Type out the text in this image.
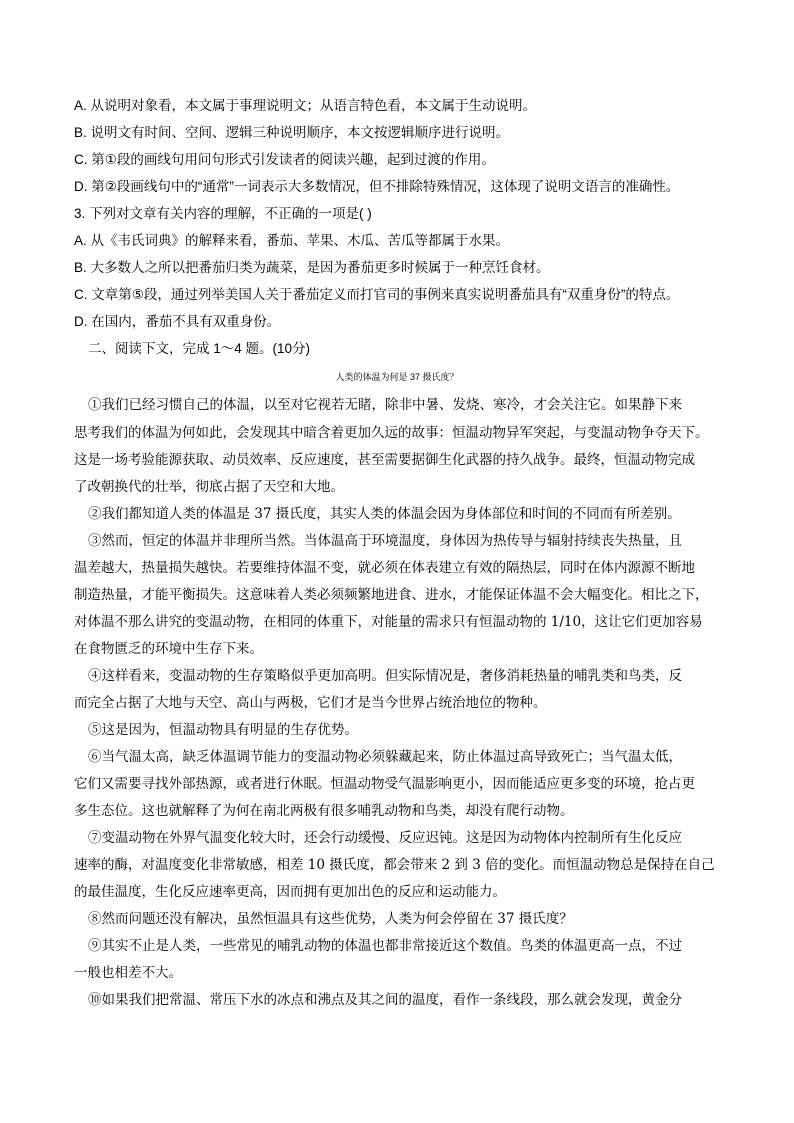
A. 从说明对象看，本文属于事理说明文；从语言特色看，本文属于生动说明。
B. 说明文有时间、空间、逻辑三种说明顺序，本文按逻辑顺序进行说明。
C. 第①段的画线句用问句形式引发读者的阅读兴趣，起到过渡的作用。
D. 第②段画线句中的“通常”一词表示大多数情况，但不排除特殊情况，这体现了说明文语言的准确性。
3. 下列对文章有关内容的理解，不正确的一项是( )
A. 从《韦氏词典》的解释来看，番茄、苹果、木瓜、苦瓜等都属于水果。
B. 大多数人之所以把番茄归类为蔬菜，是因为番茄更多时候属于一种烹饪食材。
C. 文章第⑤段，通过列举美国人关于番茄定义而打官司的事例来真实说明番茄具有“双重身份”的特点。
D. 在国内，番茄不具有双重身份。
二、阅读下文，完成 1～4 题。(10分)
人类的体温为何是 37 摄氏度？
①我们已经习惯自己的体温，以至对它视若无睹，除非中暑、发烧、寒冷，才会关注它。如果静下来
思考我们的体温为何如此，会发现其中暗含着更加久远的故事：恒温动物异军突起，与变温动物争夺天下。
这是一场考验能源获取、动员效率、反应速度，甚至需要据御生化武器的持久战争。最终，恒温动物完成
了改朝换代的壮举，彻底占据了天空和大地。
②我们都知道人类的体温是 37 摄氏度，其实人类的体温会因为身体部位和时间的不同而有所差别。
③然而，恒定的体温并非理所当然。当体温高于环境温度，身体因为热传导与辐射持续丧失热量，且
温差越大，热量损失越快。若要维持体温不变，就必须在体表建立有效的隔热层，同时在体内源源不断地
制造热量，才能平衡损失。这意味着人类必须频繁地进食、进水，才能保证体温不会大幅变化。相比之下，
对体温不那么讲究的变温动物，在相同的体重下，对能量的需求只有恒温动物的 1/10，这让它们更加容易
在食物匮乏的环境中生存下来。
④这样看来，变温动物的生存策略似乎更加高明。但实际情况是，奢侈消耗热量的哺乳类和鸟类，反
而完全占据了大地与天空、高山与两极，它们才是当今世界占统治地位的物种。
⑤这是因为，恒温动物具有明显的生存优势。
⑥当气温太高，缺乏体温调节能力的变温动物必须躲藏起来，防止体温过高导致死亡；当气温太低，
它们又需要寻找外部热源，或者进行休眠。恒温动物受气温影响更小，因而能适应更多变的环境，抢占更
多生态位。这也就解释了为何在南北两极有很多哺乳动物和鸟类，却没有爬行动物。
⑦变温动物在外界气温变化较大时，还会行动缓慢、反应迟钝。这是因为动物体内控制所有生化反应
速率的酶，对温度变化非常敏感，相差 10 摄氏度，都会带来 2 到 3 倍的变化。而恒温动物总是保持在自己
的最佳温度，生化反应速率更高，因而拥有更加出色的反应和运动能力。
⑧然而问题还没有解决，虽然恒温具有这些优势，人类为何会停留在 37 摄氏度？
⑨其实不止是人类，一些常见的哺乳动物的体温也都非常接近这个数值。鸟类的体温更高一点，不过
一般也相差不大。
⑩如果我们把常温、常压下水的冰点和沸点及其之间的温度，看作一条线段，那么就会发现，黄金分
